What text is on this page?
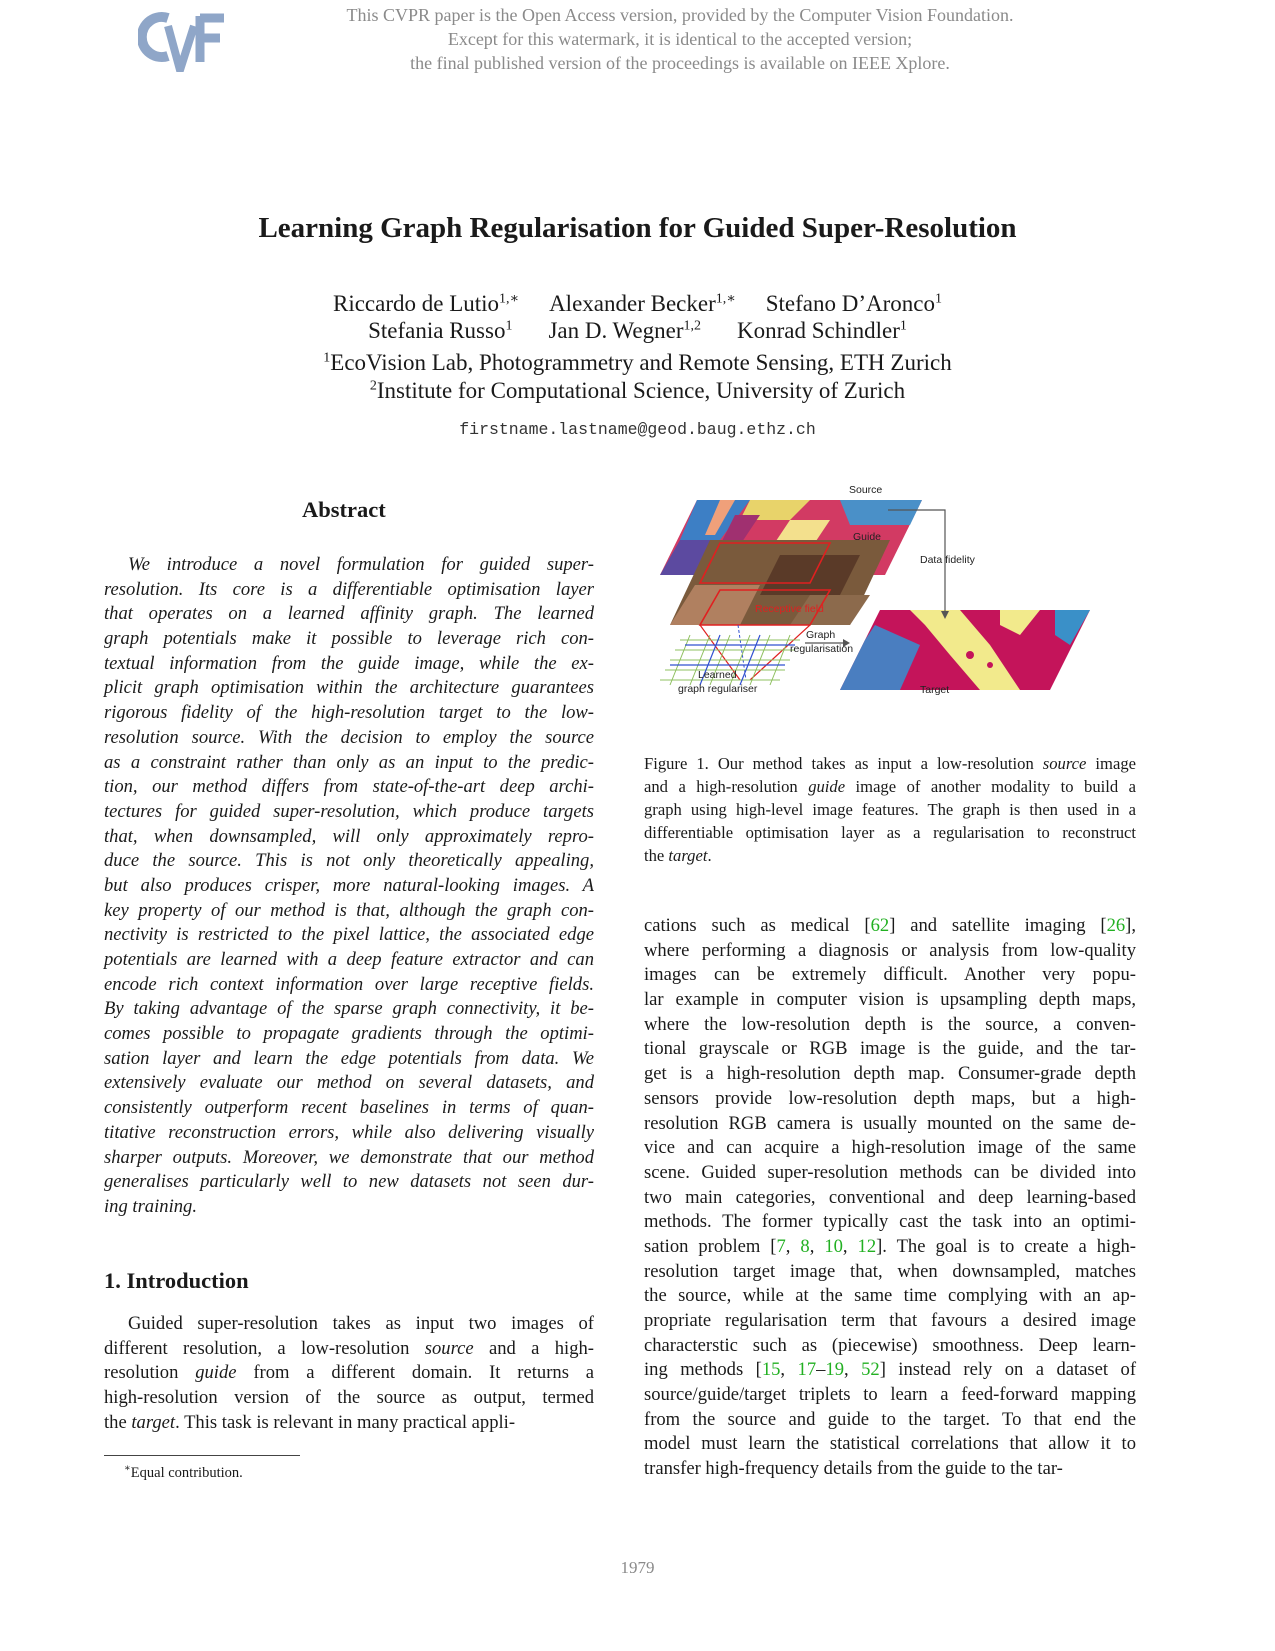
This CVPR paper is the Open Access version, provided by the Computer Vision Foundation.
Except for this watermark, it is identical to the accepted version;
the final published version of the proceedings is available on IEEE Xplore.
Learning Graph Regularisation for Guided Super-Resolution
Riccardo de Lutio$^{1,∗}$ Alexander Becker$^{1,∗}$ Stefano D’Aronco$^1$
Stefania Russo$^1$ Jan D. Wegner$^{1,2}$ Konrad Schindler$^1$
$^1$EcoVision Lab, Photogrammetry and Remote Sensing, ETH Zurich
$^2$Institute for Computational Science, University of Zurich
firstname.lastname@geod.baug.ethz.ch
Abstract
We introduce a novel formulation for guided super-
resolution. Its core is a differentiable optimisation layer
that operates on a learned affinity graph. The learned
graph potentials make it possible to leverage rich con-
textual information from the guide image, while the ex-
plicit graph optimisation within the architecture guarantees
rigorous fidelity of the high-resolution target to the low-
resolution source. With the decision to employ the source
as a constraint rather than only as an input to the predic-
tion, our method differs from state-of-the-art deep archi-
tectures for guided super-resolution, which produce targets
that, when downsampled, will only approximately repro-
duce the source. This is not only theoretically appealing,
but also produces crisper, more natural-looking images. A
key property of our method is that, although the graph con-
nectivity is restricted to the pixel lattice, the associated edge
potentials are learned with a deep feature extractor and can
encode rich context information over large receptive fields.
By taking advantage of the sparse graph connectivity, it be-
comes possible to propagate gradients through the optimi-
sation layer and learn the edge potentials from data. We
extensively evaluate our method on several datasets, and
consistently outperform recent baselines in terms of quan-
titative reconstruction errors, while also delivering visually
sharper outputs. Moreover, we demonstrate that our method
generalises particularly well to new datasets not seen dur-
ing training.
1. Introduction
Guided super-resolution takes as input two images of
different resolution, a low-resolution source and a high-
resolution guide from a different domain. It returns a
high-resolution version of the source as output, termed
the target. This task is relevant in many practical appli-
∗Equal contribution.
Source
Guide
Data fidelity
Receptive field
Graph
regularisation
Learned
graph regulariser	Target
Figure 1. Our method takes as input a low-resolution source image
and a high-resolution guide image of another modality to build a
graph using high-level image features. The graph is then used in a
differentiable optimisation layer as a regularisation to reconstruct
the target.
cations such as medical [62] and satellite imaging [26],
where performing a diagnosis or analysis from low-quality
images can be extremely difficult. Another very popu-
lar example in computer vision is upsampling depth maps,
where the low-resolution depth is the source, a conven-
tional grayscale or RGB image is the guide, and the tar-
get is a high-resolution depth map. Consumer-grade depth
sensors provide low-resolution depth maps, but a high-
resolution RGB camera is usually mounted on the same de-
vice and can acquire a high-resolution image of the same
scene. Guided super-resolution methods can be divided into
two main categories, conventional and deep learning-based
methods. The former typically cast the task into an optimi-
sation problem [7, 8, 10, 12]. The goal is to create a high-
resolution target image that, when downsampled, matches
the source, while at the same time complying with an ap-
propriate regularisation term that favours a desired image
characterstic such as (piecewise) smoothness. Deep learn-
ing methods [15, 17–19, 52] instead rely on a dataset of
source/guide/target triplets to learn a feed-forward mapping
from the source and guide to the target. To that end the
model must learn the statistical correlations that allow it to
transfer high-frequency details from the guide to the tar-
1979
